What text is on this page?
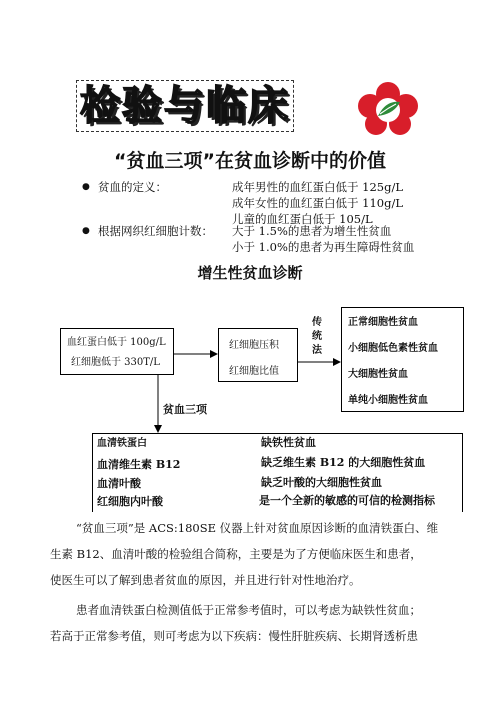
检验与临床
“贫血三项”在贫血诊断中的价值
● 贫血的定义：	成年男性的血红蛋白低于 125g/L
成年女性的血红蛋白低于 110g/L
儿童的血红蛋白低于 105/L
● 根据网织红细胞计数： 大于 1.5%的患者为增生性贫血
小于 1.0%的患者为再生障碍性贫血
增生性贫血诊断
血红蛋白低于 100g/L
红细胞低于 330T/L
红细胞压积
红细胞比值
传
统
法
正常细胞性贫血
小细胞低色素性贫血
大细胞性贫血
单纯小细胞性贫血
贫血三项
血清铁蛋白
血清维生素 B12
血清叶酸
红细胞内叶酸
缺铁性贫血
缺乏维生素 B12 的大细胞性贫血
缺乏叶酸的大细胞性贫血
是一个全新的敏感的可信的检测指标
“贫血三项”是 ACS:180SE 仪器上针对贫血原因诊断的血清铁蛋白、维
生素 B12、血清叶酸的检验组合简称，主要是为了方便临床医生和患者，
使医生可以了解到患者贫血的原因，并且进行针对性地治疗。
患者血清铁蛋白检测值低于正常参考值时，可以考虑为缺铁性贫血；
若高于正常参考值，则可考虑为以下疾病：慢性肝脏疾病、长期肾透析患
